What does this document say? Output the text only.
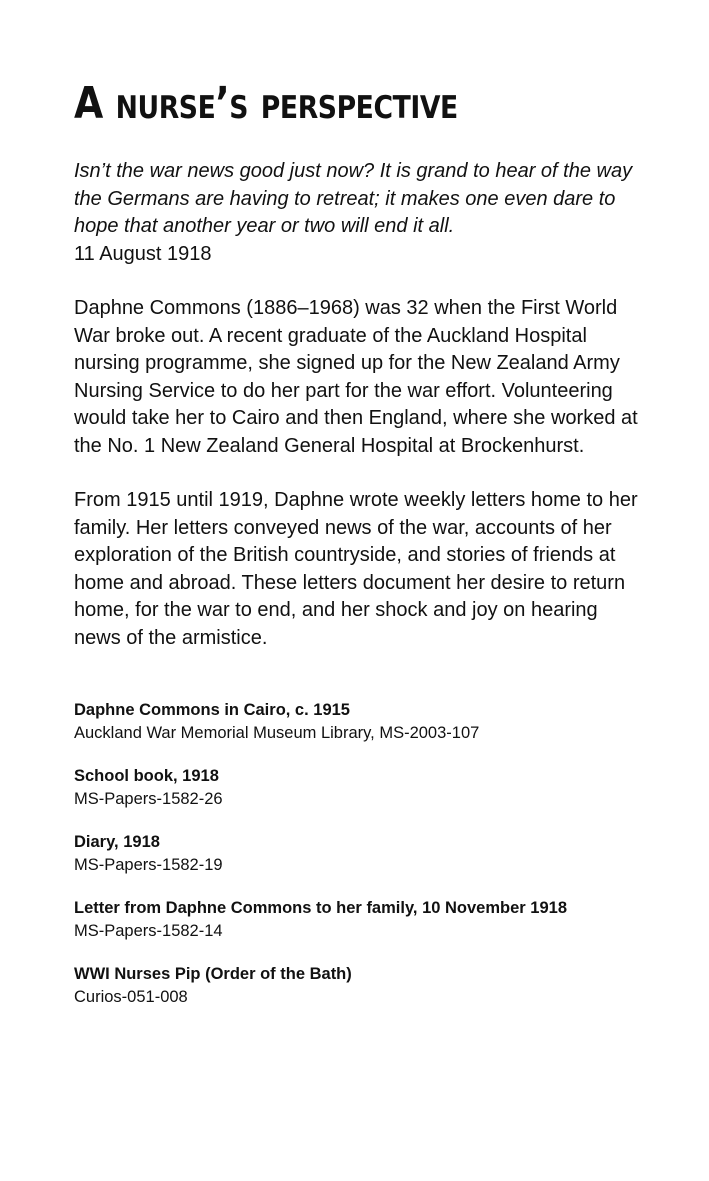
A nurse’s perspective

Isn’t the war news good just now? It is grand to hear of the way the Germans are having to retreat; it makes one even dare to hope that another year or two will end it all.

11 August 1918

Daphne Commons (1886–1968) was 32 when the First World War broke out. A recent graduate of the Auckland Hospital nursing programme, she signed up for the New Zealand Army Nursing Service to do her part for the war effort. Volunteering would take her to Cairo and then England, where she worked at the No. 1 New Zealand General Hospital at Brockenhurst.

From 1915 until 1919, Daphne wrote weekly letters home to her family. Her letters conveyed news of the war, accounts of her exploration of the British countryside, and stories of friends at home and abroad. These letters document her desire to return home, for the war to end, and her shock and joy on hearing news of the armistice.

Daphne Commons in Cairo, c. 1915
Auckland War Memorial Museum Library, MS-2003-107
School book, 1918
MS-Papers-1582-26
Diary, 1918
MS-Papers-1582-19
Letter from Daphne Commons to her family, 10 November 1918
MS-Papers-1582-14
WWI Nurses Pip (Order of the Bath)
Curios-051-008
